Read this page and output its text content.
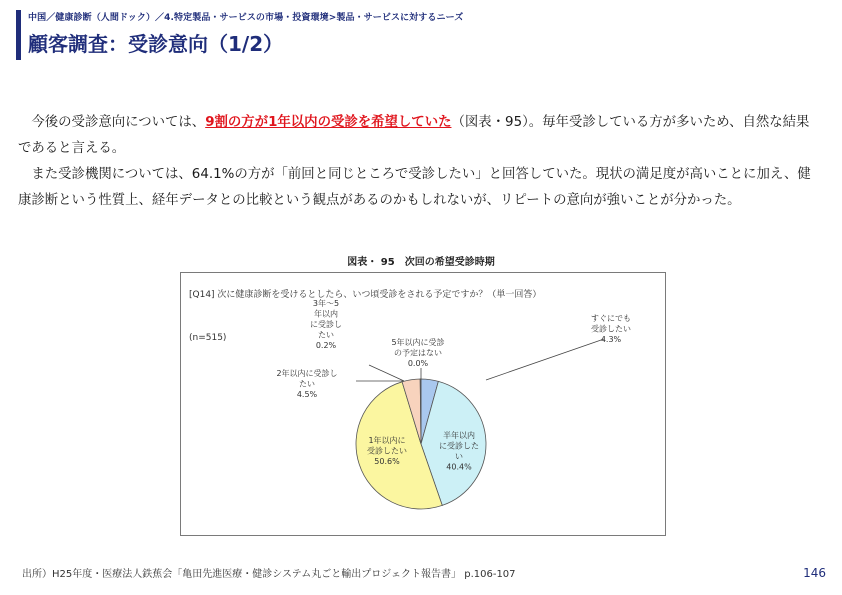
中国／健康診断（人間ドック）／4.特定製品・サービスの市場・投資環境>製品・サービスに対するニーズ
顧客調査：受診意向（1/2）

今後の受診意向については、9割の方が1年以内の受診を希望していた（図表・95）。毎年受診している方が多いため、自然な結果であると言える。

また受診機関については、64.1%の方が「前回と同じところで受診したい」と回答していた。現状の満足度が高いことに加え、健康診断という性質上、経年データとの比較という観点があるのかもしれないが、リピートの意向が強いことが分かった。

図表・ 95　次回の希望受診時期
すぐにでも受診したい 4.3%
半年以内に受診したい 40.4%
1年以内に受診したい 50.6%
2年以内に受診したい 4.5%
3年～5 年以内に受診したい 0.2%	5年以内に受診の予定はない 0.0%
[Q14] 次に健康診断を受けるとしたら、いつ頃受診をされる予定ですか？（単一回答）
(n=515)
出所）H25年度・医療法人鉄蕉会「亀田先進医療・健診システム丸ごと輸出プロジェクト報告書」 p.106-107	146
